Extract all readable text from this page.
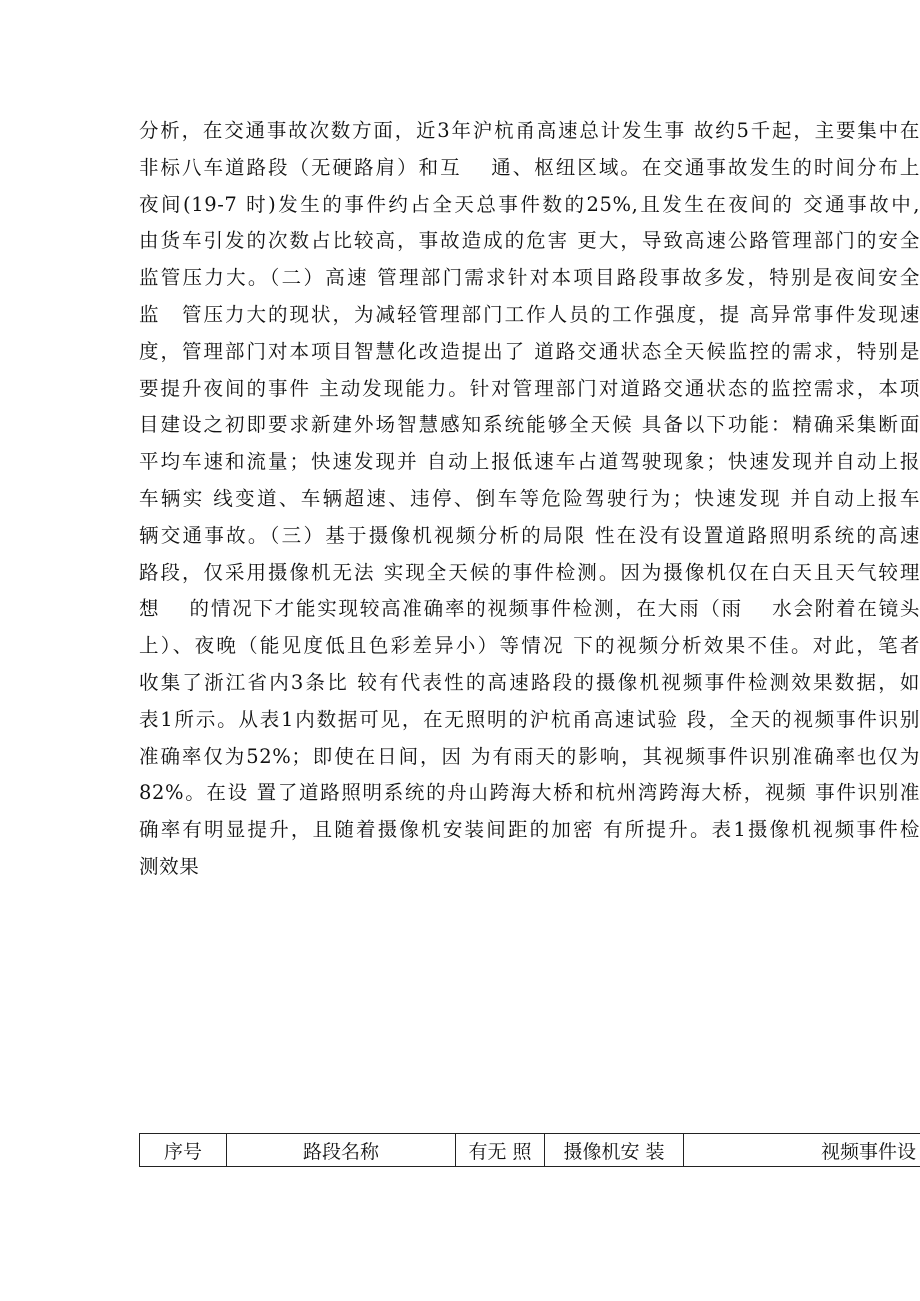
分析，在交通事故次数方面，近3年沪杭甬高速总计发生事 故约5千起，主要集中在
非标八车道路段（无硬路肩）和互　 通、枢纽区域。在交通事故发生的时间分布上
夜间(19-7 时)发生的事件约占全天总事件数的25%,且发生在夜间的 交通事故中,
由货车引发的次数占比较高，事故造成的危害 更大，导致高速公路管理部门的安全
监管压力大。（二）高速 管理部门需求针对本项目路段事故多发，特别是夜间安全
监　管压力大的现状，为减轻管理部门工作人员的工作强度，提 高异常事件发现速
度，管理部门对本项目智慧化改造提出了 道路交通状态全天候监控的需求，特别是
要提升夜间的事件 主动发现能力。针对管理部门对道路交通状态的监控需求，本项
目建设之初即要求新建外场智慧感知系统能够全天候 具备以下功能：精确采集断面
平均车速和流量；快速发现并 自动上报低速车占道驾驶现象；快速发现并自动上报
车辆实 线变道、车辆超速、违停、倒车等危险驾驶行为；快速发现 并自动上报车
辆交通事故。（三）基于摄像机视频分析的局限 性在没有设置道路照明系统的高速
路段，仅采用摄像机无法 实现全天候的事件检测。因为摄像机仅在白天且天气较理
想　 的情况下才能实现较高准确率的视频事件检测，在大雨（雨　 水会附着在镜头
上）、夜晚（能见度低且色彩差异小）等情况 下的视频分析效果不佳。对此，笔者
收集了浙江省内3条比 较有代表性的高速路段的摄像机视频事件检测效果数据，如
表1所示。从表1内数据可见，在无照明的沪杭甬高速试验 段，全天的视频事件识别
准确率仅为52%；即使在日间，因 为有雨天的影响，其视频事件识别准确率也仅为
82%。在设 置了道路照明系统的舟山跨海大桥和杭州湾跨海大桥，视频 事件识别准
确率有明显提升，且随着摄像机安装间距的加密 有所提升。表1摄像机视频事件检
测效果
序号	路段名称	有无 照	摄像机安 装	视频事件设
